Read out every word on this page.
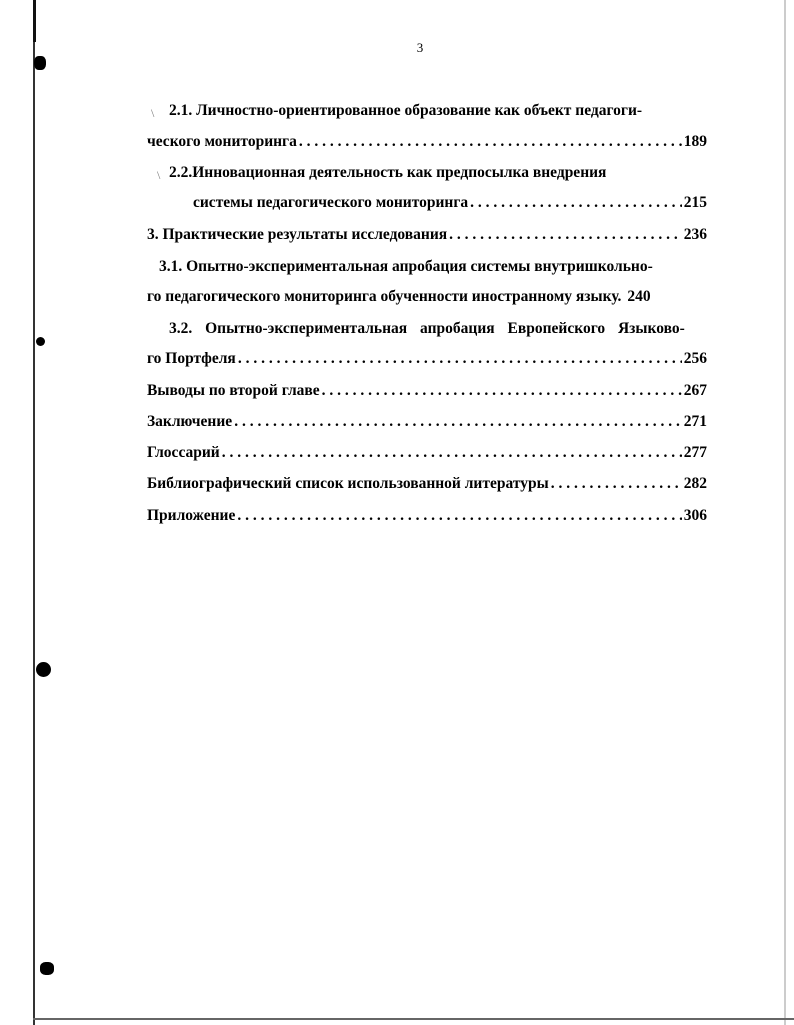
3
\ 2.1. Личностно-ориентированное образование как объект педагоги-
ческого мониторинга . . .	189
\ 2.2.Инновационная деятельность как предпосылка внедрения
системы педагогического мониторинга . . .	215
3. Практические результаты исследования . . .	236
3.1. Опытно-экспериментальная апробация системы внутришкольно-
го педагогического мониторинга обученности иностранному языку. 240
3.2. Опытно-экспериментальная апробация Европейского Языково-
го Портфеля . . .	256
Выводы по второй главе . . .	267
Заключение . . .	271
Глоссарий . . .	277
Библиографический список использованной литературы . . .	282
Приложение . . .	306
